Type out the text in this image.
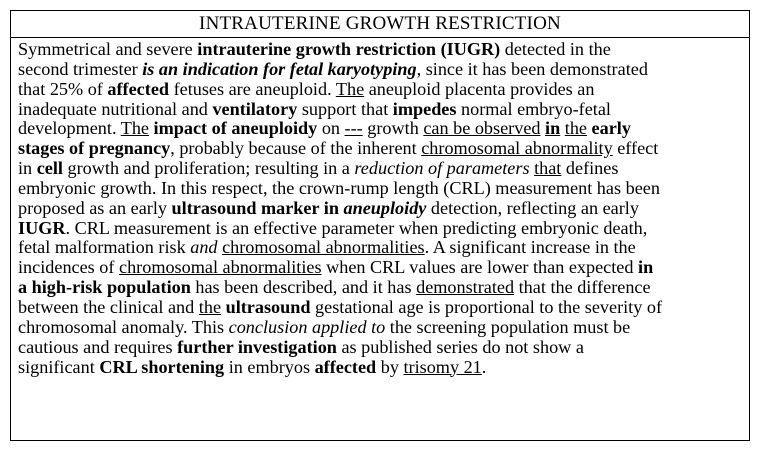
INTRAUTERINE GROWTH RESTRICTION
Symmetrical and severe intrauterine growth restriction (IUGR) detected in the
second trimester is an indication for fetal karyotyping, since it has been demonstrated
that 25% of affected fetuses are aneuploid. The aneuploid placenta provides an
inadequate nutritional and ventilatory support that impedes normal embryo-fetal
development. The impact of aneuploidy on --- growth can be observed in the early
stages of pregnancy, probably because of the inherent chromosomal abnormality effect
in cell growth and proliferation; resulting in a reduction of parameters that defines
embryonic growth. In this respect, the crown-rump length (CRL) measurement has been
proposed as an early ultrasound marker in aneuploidy detection, reflecting an early
IUGR. CRL measurement is an effective parameter when predicting embryonic death,
fetal malformation risk and chromosomal abnormalities. A significant increase in the
incidences of chromosomal abnormalities when CRL values are lower than expected in
a high-risk population has been described, and it has demonstrated that the difference
between the clinical and the ultrasound gestational age is proportional to the severity of
chromosomal anomaly. This conclusion applied to the screening population must be
cautious and requires further investigation as published series do not show a
significant CRL shortening in embryos affected by trisomy 21.
